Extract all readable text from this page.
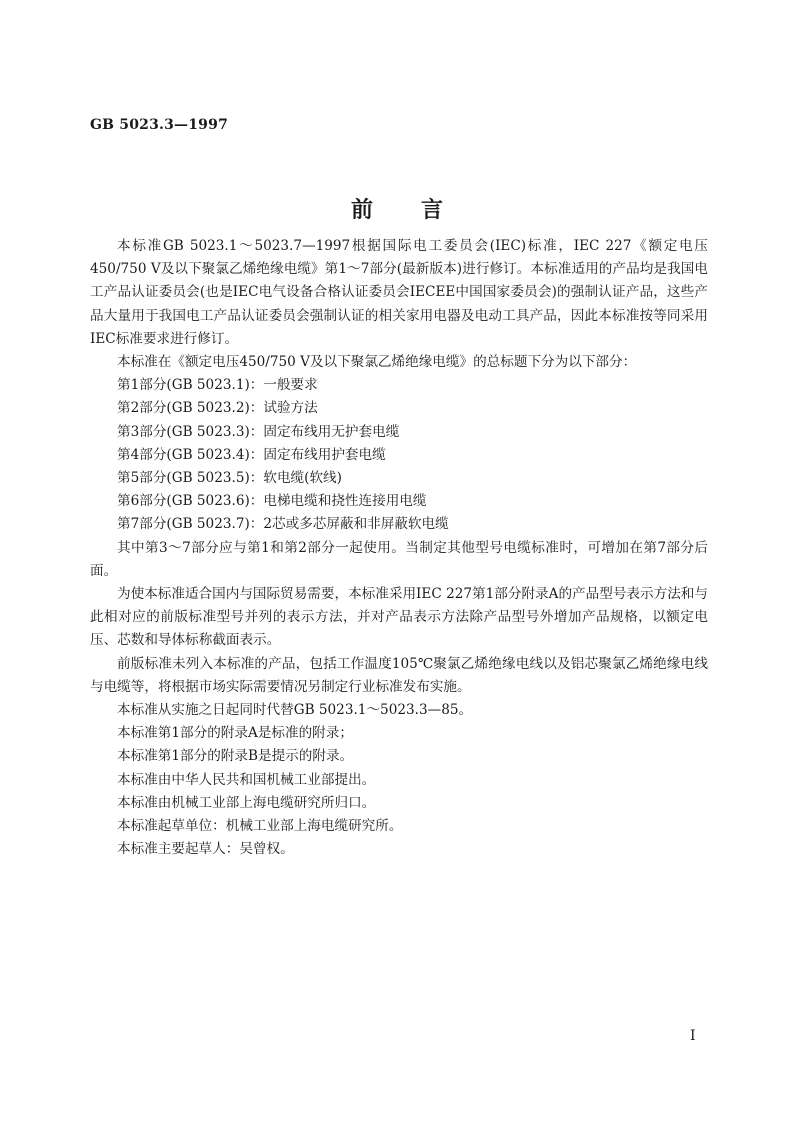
GB 5023.3—1997
前言

本标准GB 5023.1～5023.7—1997根据国际电工委员会(IEC)标准，IEC 227《额定电压450/750 V及以下聚氯乙烯绝缘电缆》第1～7部分(最新版本)进行修订。本标准适用的产品均是我国电工产品认证委员会(也是IEC电气设备合格认证委员会IECEE中国国家委员会)的强制认证产品，这些产品大量用于我国电工产品认证委员会强制认证的相关家用电器及电动工具产品，因此本标准按等同采用IEC标准要求进行修订。

本标准在《额定电压450/750 V及以下聚氯乙烯绝缘电缆》的总标题下分为以下部分：

第1部分(GB 5023.1)：一般要求

第2部分(GB 5023.2)：试验方法

第3部分(GB 5023.3)：固定布线用无护套电缆

第4部分(GB 5023.4)：固定布线用护套电缆

第5部分(GB 5023.5)：软电缆(软线)

第6部分(GB 5023.6)：电梯电缆和挠性连接用电缆

第7部分(GB 5023.7)：2芯或多芯屏蔽和非屏蔽软电缆

其中第3～7部分应与第1和第2部分一起使用。当制定其他型号电缆标准时，可增加在第7部分后面。

为使本标准适合国内与国际贸易需要，本标准采用IEC 227第1部分附录A的产品型号表示方法和与此相对应的前版标准型号并列的表示方法，并对产品表示方法除产品型号外增加产品规格，以额定电压、芯数和导体标称截面表示。

前版标准未列入本标准的产品，包括工作温度105℃聚氯乙烯绝缘电线以及铝芯聚氯乙烯绝缘电线与电缆等，将根据市场实际需要情况另制定行业标准发布实施。

本标准从实施之日起同时代替GB 5023.1～5023.3—85。

本标准第1部分的附录A是标准的附录；

本标准第1部分的附录B是提示的附录。

本标准由中华人民共和国机械工业部提出。

本标准由机械工业部上海电缆研究所归口。

本标准起草单位：机械工业部上海电缆研究所。

本标准主要起草人：吴曾权。

I
